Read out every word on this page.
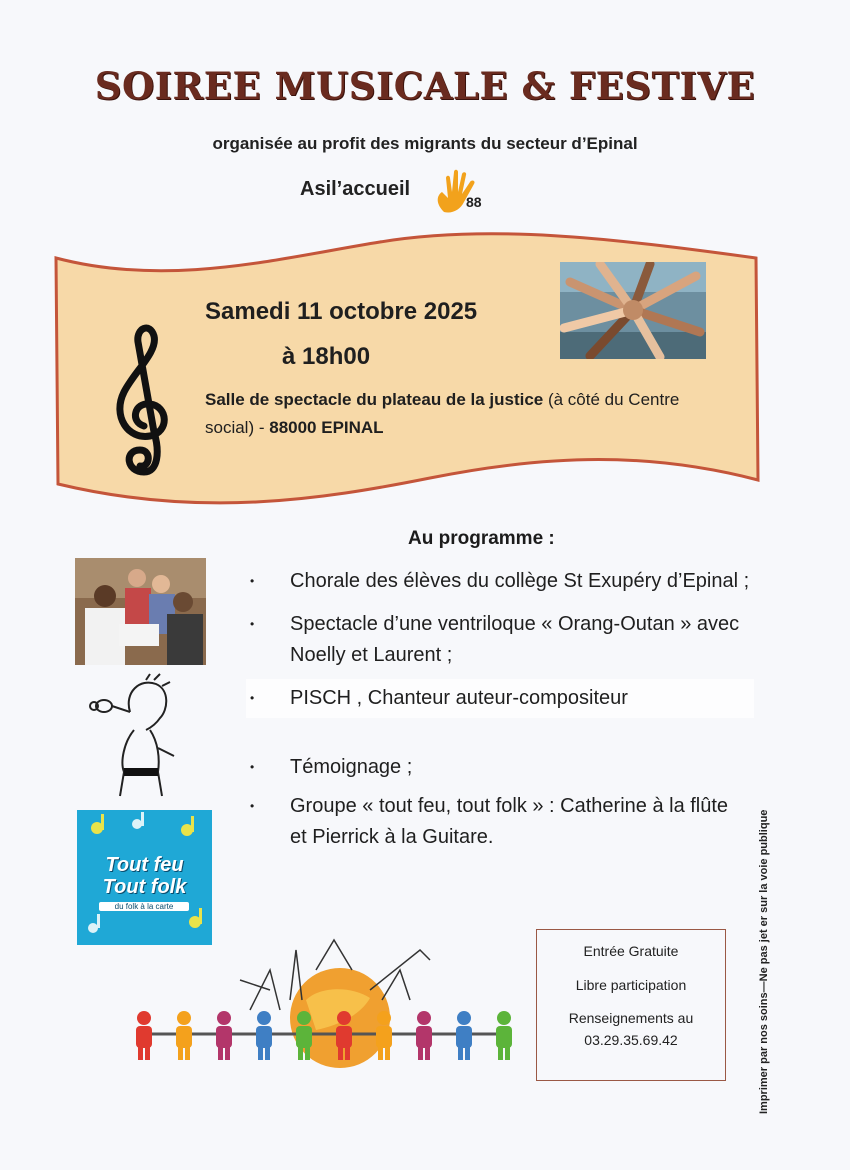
SOIREE MUSICALE & FESTIVE
organisée au profit des migrants du secteur d’Epinal
Asil’accueil
88
Samedi 11 octobre 2025
à 18h00
Salle de spectacle du plateau de la justice (à côté du Centre social) - 88000 EPINAL
Au programme :
• Chorale des élèves du collège St Exupéry d’Epinal ;
• Spectacle d’une ventriloque « Orang-Outan » avec Noelly et Laurent ;
• PISCH , Chanteur auteur-compositeur
• Témoignage ;
• Groupe « tout feu, tout folk » : Catherine à la flûte et Pierrick à la Guitare.
Tout feu
Tout folk
du folk à la carte
Entrée Gratuite
Libre participation
Renseignements au
03.29.35.69.42	Imprimer par nos soins—Ne pas jet er sur la voie publique
